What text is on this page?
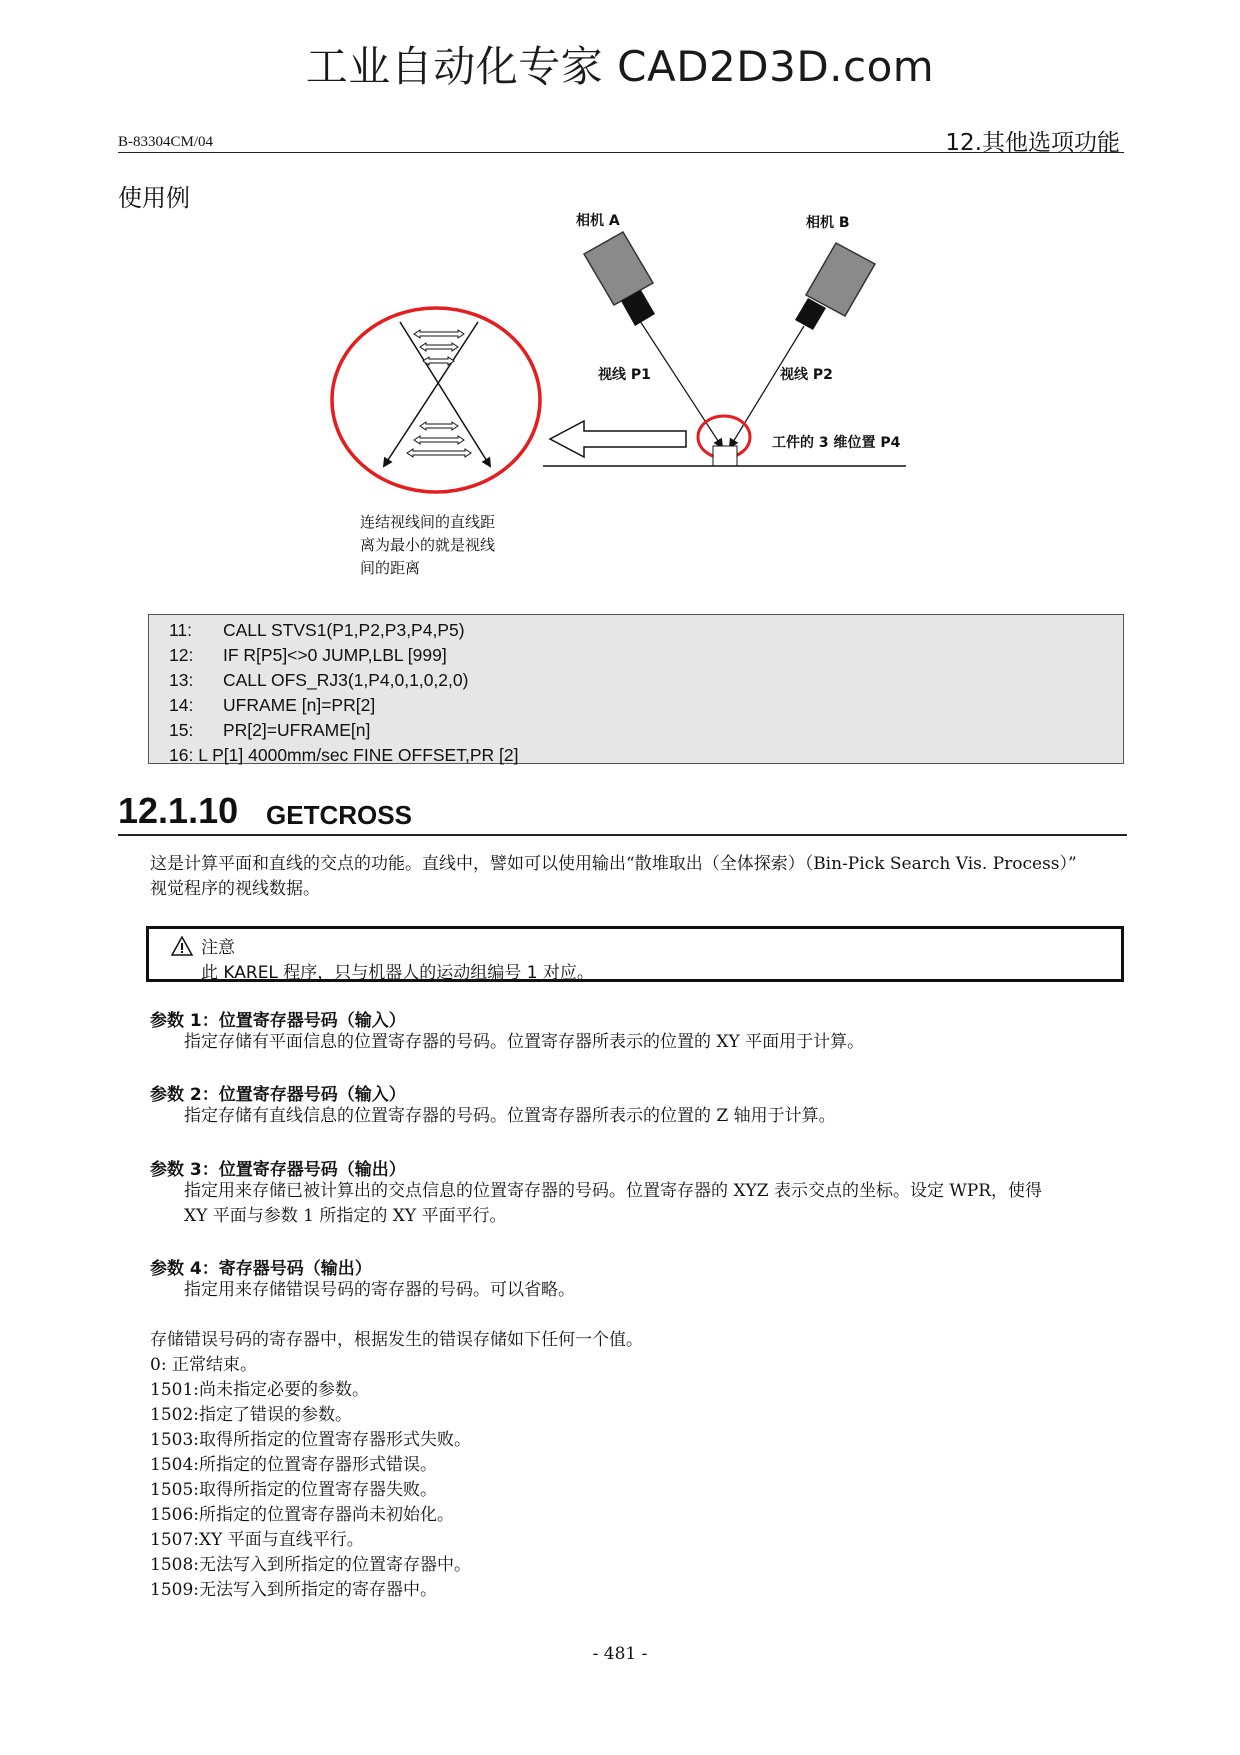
工业自动化专家 CAD2D3D.com
B-83304CM/04	12.其他选项功能
使用例
相机 A	相机 B
视线 P1	视线 P2
工件的 3 维位置 P4
连结视线间的直线距
离为最小的就是视线
间的距离
11: CALL STVS1(P1,P2,P3,P4,P5)
12: IF R[P5]<>0 JUMP,LBL [999]
13: CALL OFS_RJ3(1,P4,0,1,0,2,0)
14: UFRAME [n]=PR[2]
15: PR[2]=UFRAME[n]
16: L P[1] 4000mm/sec FINE OFFSET,PR [2]
12.1.10 GETCROSS
这是计算平面和直线的交点的功能。直线中，譬如可以使用输出“散堆取出（全体探索）（Bin-Pick Search Vis. Process）”
视觉程序的视线数据。
注意
此 KAREL 程序，只与机器人的运动组编号 1 对应。
参数 1：位置寄存器号码（输入）
指定存储有平面信息的位置寄存器的号码。位置寄存器所表示的位置的 XY 平面用于计算。
参数 2：位置寄存器号码（输入）
指定存储有直线信息的位置寄存器的号码。位置寄存器所表示的位置的 Z 轴用于计算。
参数 3：位置寄存器号码（输出）
指定用来存储已被计算出的交点信息的位置寄存器的号码。位置寄存器的 XYZ 表示交点的坐标。设定 WPR，使得
XY 平面与参数 1 所指定的 XY 平面平行。
参数 4：寄存器号码（输出）
指定用来存储错误号码的寄存器的号码。可以省略。
存储错误号码的寄存器中，根据发生的错误存储如下任何一个值。
0: 正常结束。
1501:尚未指定必要的参数。
1502:指定了错误的参数。
1503:取得所指定的位置寄存器形式失败。
1504:所指定的位置寄存器形式错误。
1505:取得所指定的位置寄存器失败。
1506:所指定的位置寄存器尚未初始化。
1507:XY 平面与直线平行。
1508:无法写入到所指定的位置寄存器中。
1509:无法写入到所指定的寄存器中。
- 481 -
